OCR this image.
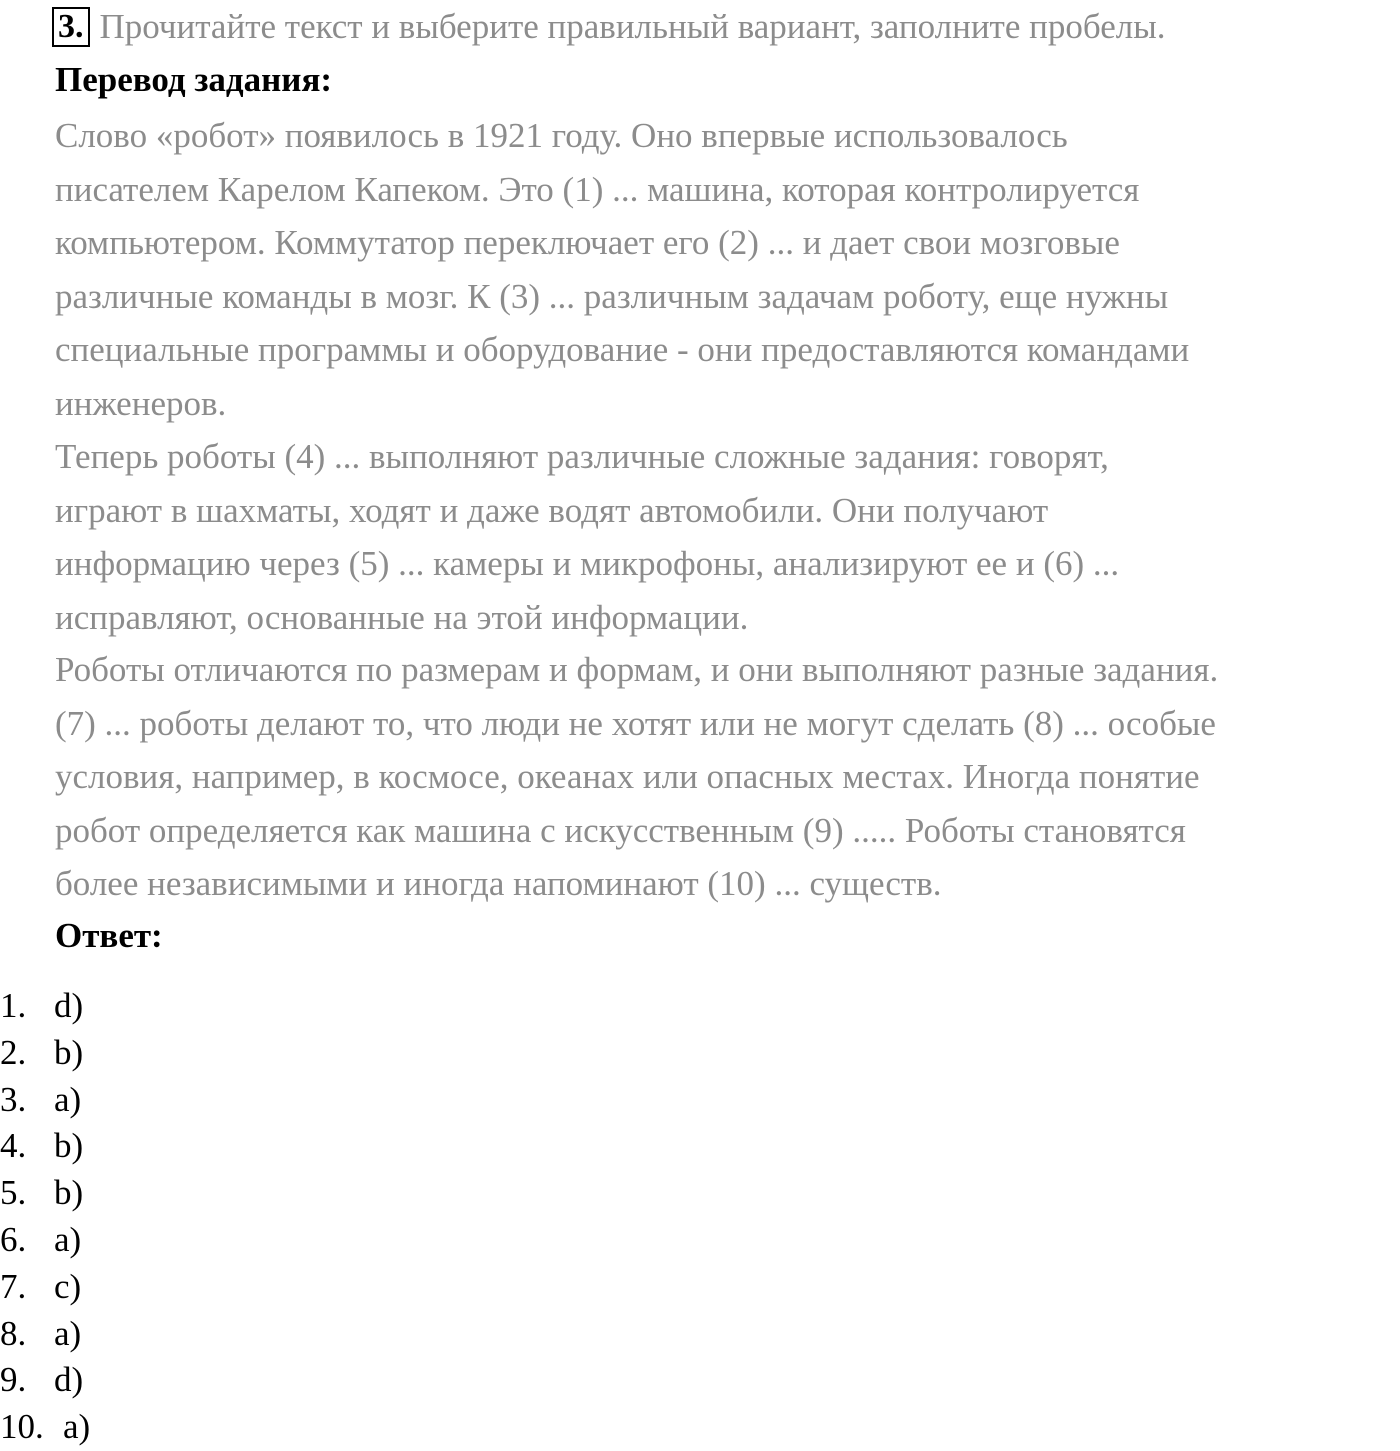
3. Прочитайте текст и выберите правильный вариант, заполните пробелы.
Перевод задания:
Слово «робот» появилось в 1921 году. Оно впервые использовалось
писателем Карелом Капеком. Это (1) ... машина, которая контролируется
компьютером. Коммутатор переключает его (2) ... и дает свои мозговые
различные команды в мозг. К (3) ... различным задачам роботу, еще нужны
специальные программы и оборудование - они предоставляются командами
инженеров.
Теперь роботы (4) ... выполняют различные сложные задания: говорят,
играют в шахматы, ходят и даже водят автомобили. Они получают
информацию через (5) ... камеры и микрофоны, анализируют ее и (6) ...
исправляют, основанные на этой информации.
Роботы отличаются по размерам и формам, и они выполняют разные задания.
(7) ... роботы делают то, что люди не хотят или не могут сделать (8) ... особые
условия, например, в космосе, океанах или опасных местах. Иногда понятие
робот определяется как машина с искусственным (9) ..... Роботы становятся
более независимыми и иногда напоминают (10) ... существ.
Ответ:
1. d)
2. b)
3. a)
4. b)
5. b)
6. a)
7. c)
8. a)
9. d)
10. a)
